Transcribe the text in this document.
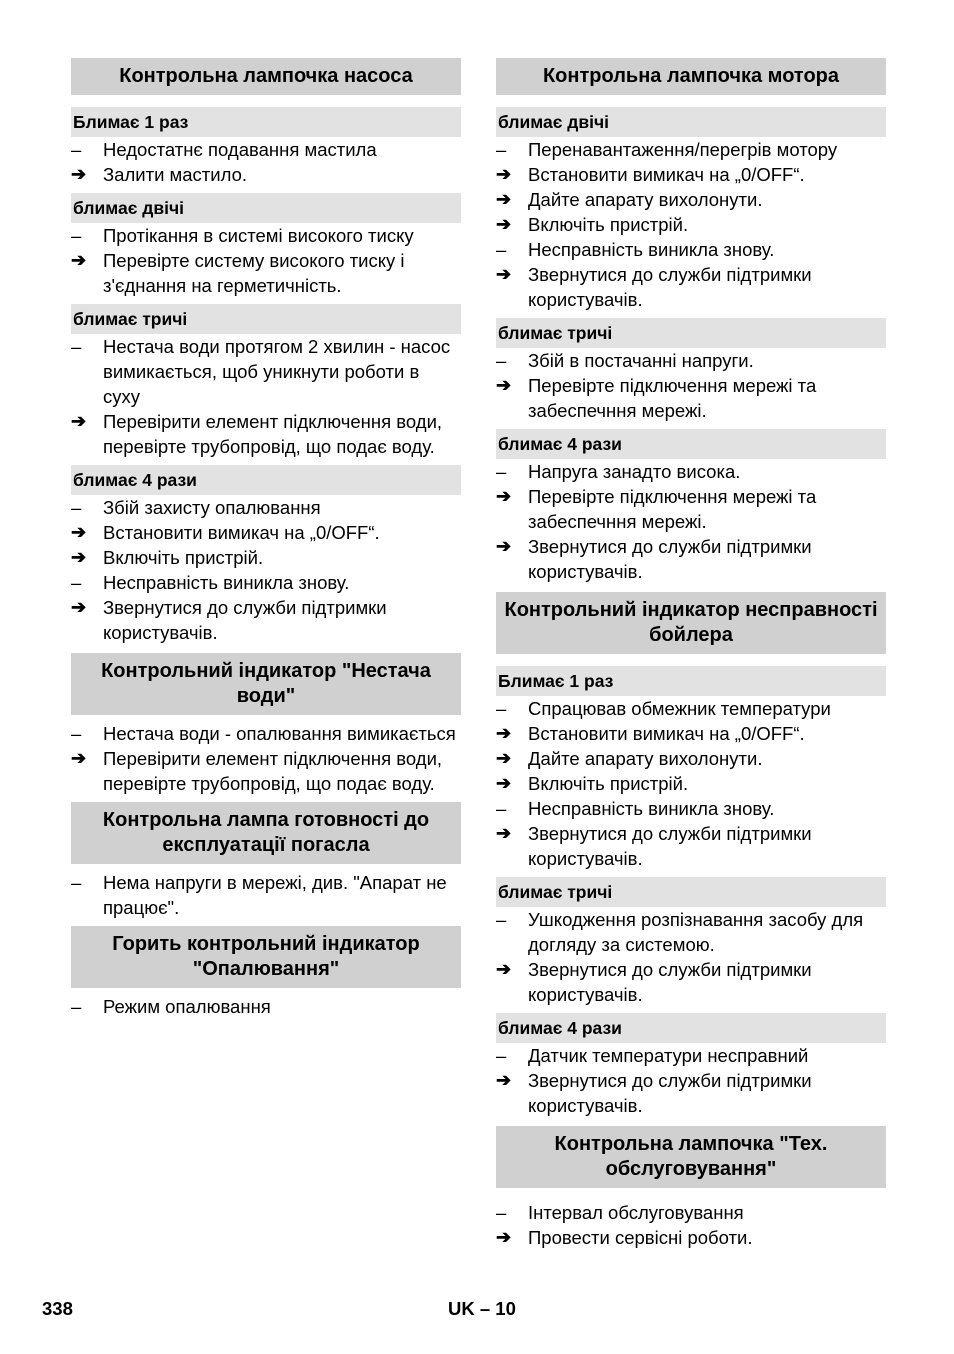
Контрольна лампочка насоса
Блимає 1 раз
–	Недостатнє подавання мастила
➔ Залити мастило.
блимає двічі
–	Протікання в системі високого тиску
➔ Перевірте систему високого тиску і з'єднання на герметичність.
блимає тричі
–	Нестача води протягом 2 хвилин - насос вимикається, щоб уникнути роботи в суху
➔ Перевірити елемент підключення води, перевірте трубопровід, що подає воду.
блимає 4 рази
–	Збій захисту опалювання
➔ Встановити вимикач на „0/OFF“.
➔ Включіть пристрій.
–	Несправність виникла знову.
➔ Звернутися до служби підтримки користувачів.
Контрольний індикатор "Нестача води"
–	Нестача води - опалювання вимикається
➔ Перевірити елемент підключення води, перевірте трубопровід, що подає воду.
Контрольна лампа готовності до експлуатації погасла
–	Нема напруги в мережі, див. "Апарат не працює".
Горить контрольний індикатор "Опалювання"
–	Режим опалювання
Контрольна лампочка мотора
блимає двічі
–	Перенавантаження/перегрів мотору
➔ Встановити вимикач на „0/OFF“.
➔ Дайте апарату вихолонути.
➔ Включіть пристрій.
–	Несправність виникла знову.
➔ Звернутися до служби підтримки користувачів.
блимає тричі
–	Збій в постачанні напруги.
➔ Перевірте підключення мережі та забеспечння мережі.
блимає 4 рази
–	Напруга занадто висока.
➔ Перевірте підключення мережі та забеспечння мережі.
➔ Звернутися до служби підтримки користувачів.
Контрольний індикатор несправності бойлера
Блимає 1 раз
–	Спрацював обмежник температури
➔ Встановити вимикач на „0/OFF“.
➔ Дайте апарату вихолонути.
➔ Включіть пристрій.
–	Несправність виникла знову.
➔ Звернутися до служби підтримки користувачів.
блимає тричі
–	Ушкодження розпізнавання засобу для догляду за системою.
➔ Звернутися до служби підтримки користувачів.
блимає 4 рази
–	Датчик температури несправний
➔ Звернутися до служби підтримки користувачів.
Контрольна лампочка "Тех. обслуговування"
–	Інтервал обслуговування
➔ Провести сервісні роботи.
338	UK – 10
